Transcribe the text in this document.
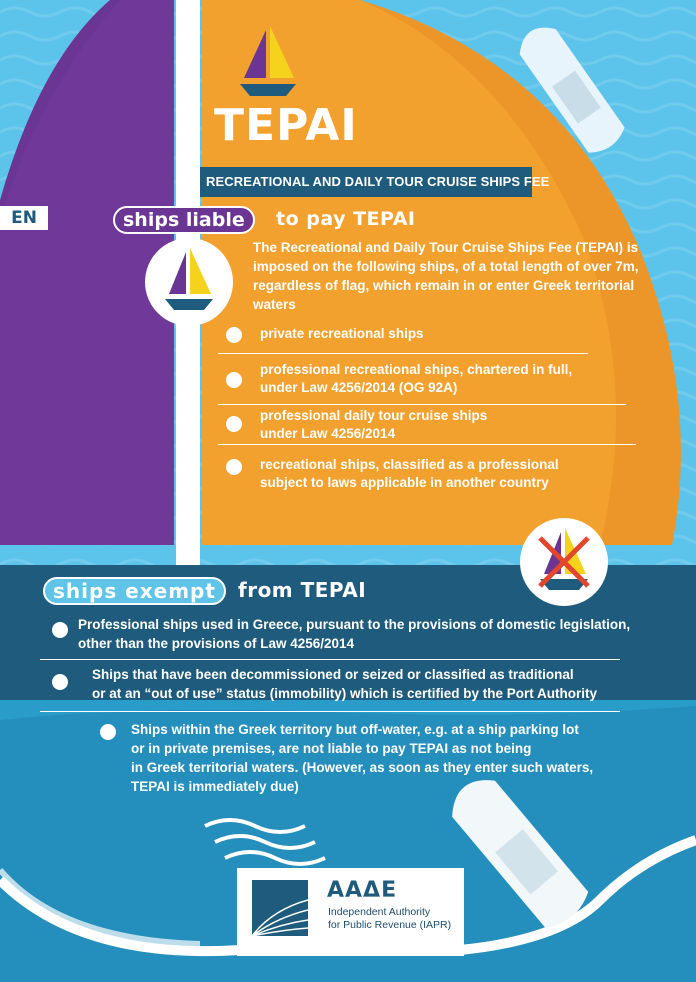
TEPAI
RECREATIONAL AND DAILY TOUR CRUISE SHIPS FEE
EN	ships liable	to pay TEPAI
The Recreational and Daily Tour Cruise Ships Fee (TEPAI) is imposed on the following ships, of a total length of over 7m, regardless of flag, which remain in or enter Greek territorial waters
private recreational ships
professional recreational ships, chartered in full,
under Law 4256/2014 (OG 92A)
professional daily tour cruise ships
under Law 4256/2014
recreational ships, classified as a professional
subject to laws applicable in another country
www.aade.gr/polites/etepai
ships exempt	from TEPAI
Professional ships used in Greece, pursuant to the provisions of domestic legislation,
other than the provisions of Law 4256/2014
Ships that have been decommissioned or seized or classified as traditional
or at an “out of use” status (immobility) which is certified by the Port Authority
Ships within the Greek territory but off-water, e.g. at a ship parking lot
or in private premises, are not liable to pay TEPAI as not being
in Greek territorial waters. (However, as soon as they enter such waters,
TEPAI is immediately due)
ΑΑΔΕ
Independent Authority
for Public Revenue (IAPR)
